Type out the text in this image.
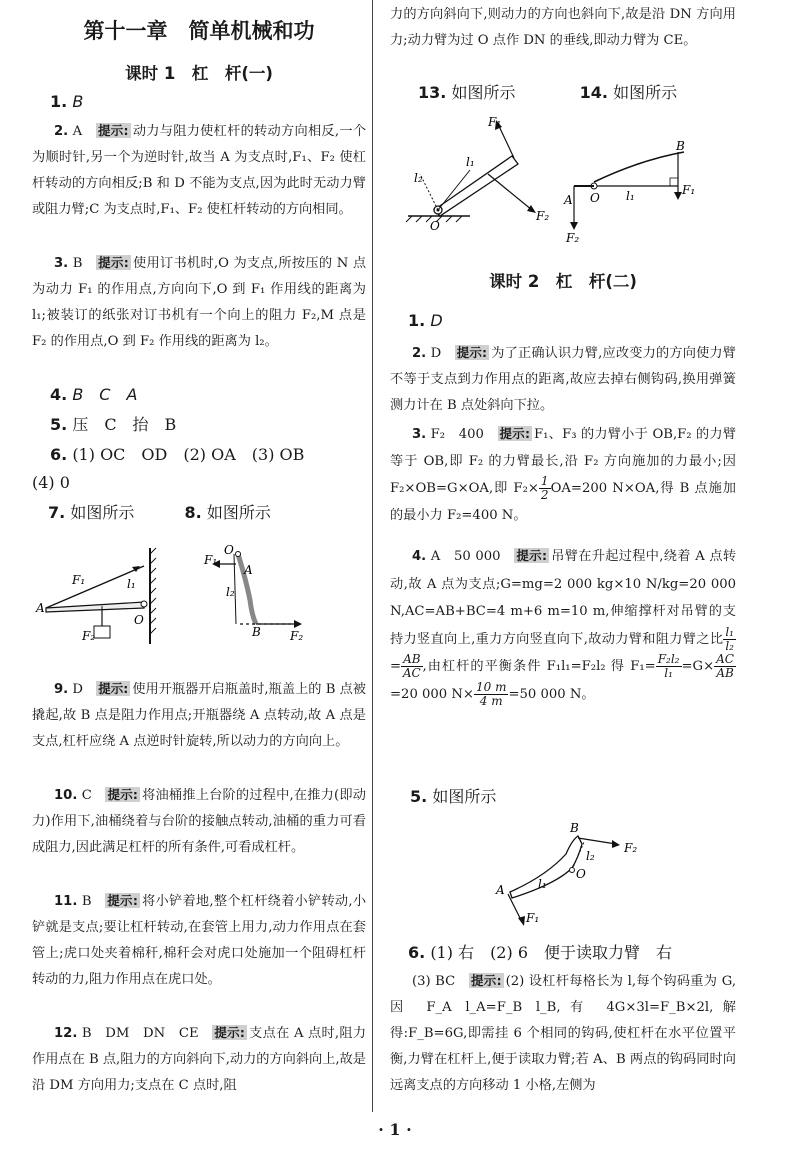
第十一章　简单机械和功
课时 1　杠　杆(一)

1. B

2. A　 提示: 动力与阻力使杠杆的转动方向相反,一个为顺时针,另一个为逆时针,故当 A 为支点时,F₁、F₂ 使杠杆转动的方向相反;B 和 D 不能为支点,因为此时无动力臂或阻力臂;C 为支点时,F₁、F₂ 使杠杆转动的方向相同。

3. B　 提示: 使用订书机时,O 为支点,所按压的 N 点为动力 F₁ 的作用点,方向向下,O 到 F₁ 作用线的距离为 l₁;被装订的纸张对订书机有一个向上的阻力 F₂,M 点是 F₂ 的作用点,O 到 F₂ 作用线的距离为 l₂。

4. B　C　A

5. 压　C　抬　B

6. (1) OC　OD　(2) OA　(3) OB

(4) 0

7. 如图所示	8. 如图所示
A
F₁	l₁
O
F₂
O
F₁
A
l₂
B F₂

9. D　 提示: 使用开瓶器开启瓶盖时,瓶盖上的 B 点被撬起,故 B 点是阻力作用点;开瓶器绕 A 点转动,故 A 点是支点,杠杆应绕 A 点逆时针旋转,所以动力的方向向上。

10. C　 提示: 将油桶推上台阶的过程中,在推力(即动力)作用下,油桶绕着与台阶的接触点转动,油桶的重力可看成阻力,因此满足杠杆的所有条件,可看成杠杆。

11. B　 提示: 将小铲着地,整个杠杆绕着小铲转动,小铲就是支点;要让杠杆转动,在套管上用力,动力作用点在套管上;虎口处夹着棉秆,棉秆会对虎口处施加一个阻碍杠杆转动的力,阻力作用点在虎口处。

12. B　DM　DN　CE　 提示: 支点在 A 点时,阻力作用点在 B 点,阻力的方向斜向下,动力的方向斜向上,故是沿 DM 方向用力;支点在 C 点时,阻

力的方向斜向下,则动力的方向也斜向下,故是沿 DN 方向用力;动力臂为过 O 点作 DN 的垂线,即动力臂为 CE。

13. 如图所示	14. 如图所示
F₁
l₁
l₂
O
F₂
B
F₁
l₁
O
A
F₂
课时 2　杠　杆(二)

1. D

2. D　 提示: 为了正确认识力臂,应改变力的方向使力臂不等于支点到力作用点的距离,故应去掉右侧钩码,换用弹簧测力计在 B 点处斜向下拉。

3. F₂　400　 提示: F₁、F₃ 的力臂小于 OB,F₂ 的力臂等于 OB,即 F₂ 的力臂最长,沿 F₂ 方向施加的力最小;因 F₂×OB=G×OA,即 $F_2\times \frac{1}{2} OA=200$ N×OA,得 B 点施加的最小力 F₂=400 N。

4. A　50 000　 提示: 吊臂在升起过程中,绕着 A 点转动,故 A 点为支点;G=mg=2 000 kg×10 N/kg=20 000 N,AC=AB+BC=4 m+6 m=10 m,伸缩撑杆对吊臂的支持力竖直向上,重力方向竖直向下,故动力臂和阻力臂之比 $\frac{\text{l₁}}{\text{l₂}}$
= $\frac{AB}{AC}$ ,由杠杆的平衡条件 F₁l₁=F₂l₂ 得 $F_1= \frac{\text{F₂l₂}}{\text{l₁}} =G\times \frac{AC}{AB}$
=20 000 $N\times \frac{10 m}{4 m} =50$ 000 N。

5. 如图所示
B
F₂
l₂
O
l₁
A
F₁

6. (1) 右　(2) 6　便于读取力臂　右

(3) BC　 提示: (2) 设杠杆每格长为 l,每个钩码重为 G,因 F_A l_A=F_B l_B,有 4G×3l=F_B×2l,解得:F_B=6G,即需挂 6 个相同的钩码,使杠杆在水平位置平衡,力臂在杠杆上,便于读取力臂;若 A、B 两点的钩码同时向远离支点的方向移动 1 小格,左侧为

· 1 ·
